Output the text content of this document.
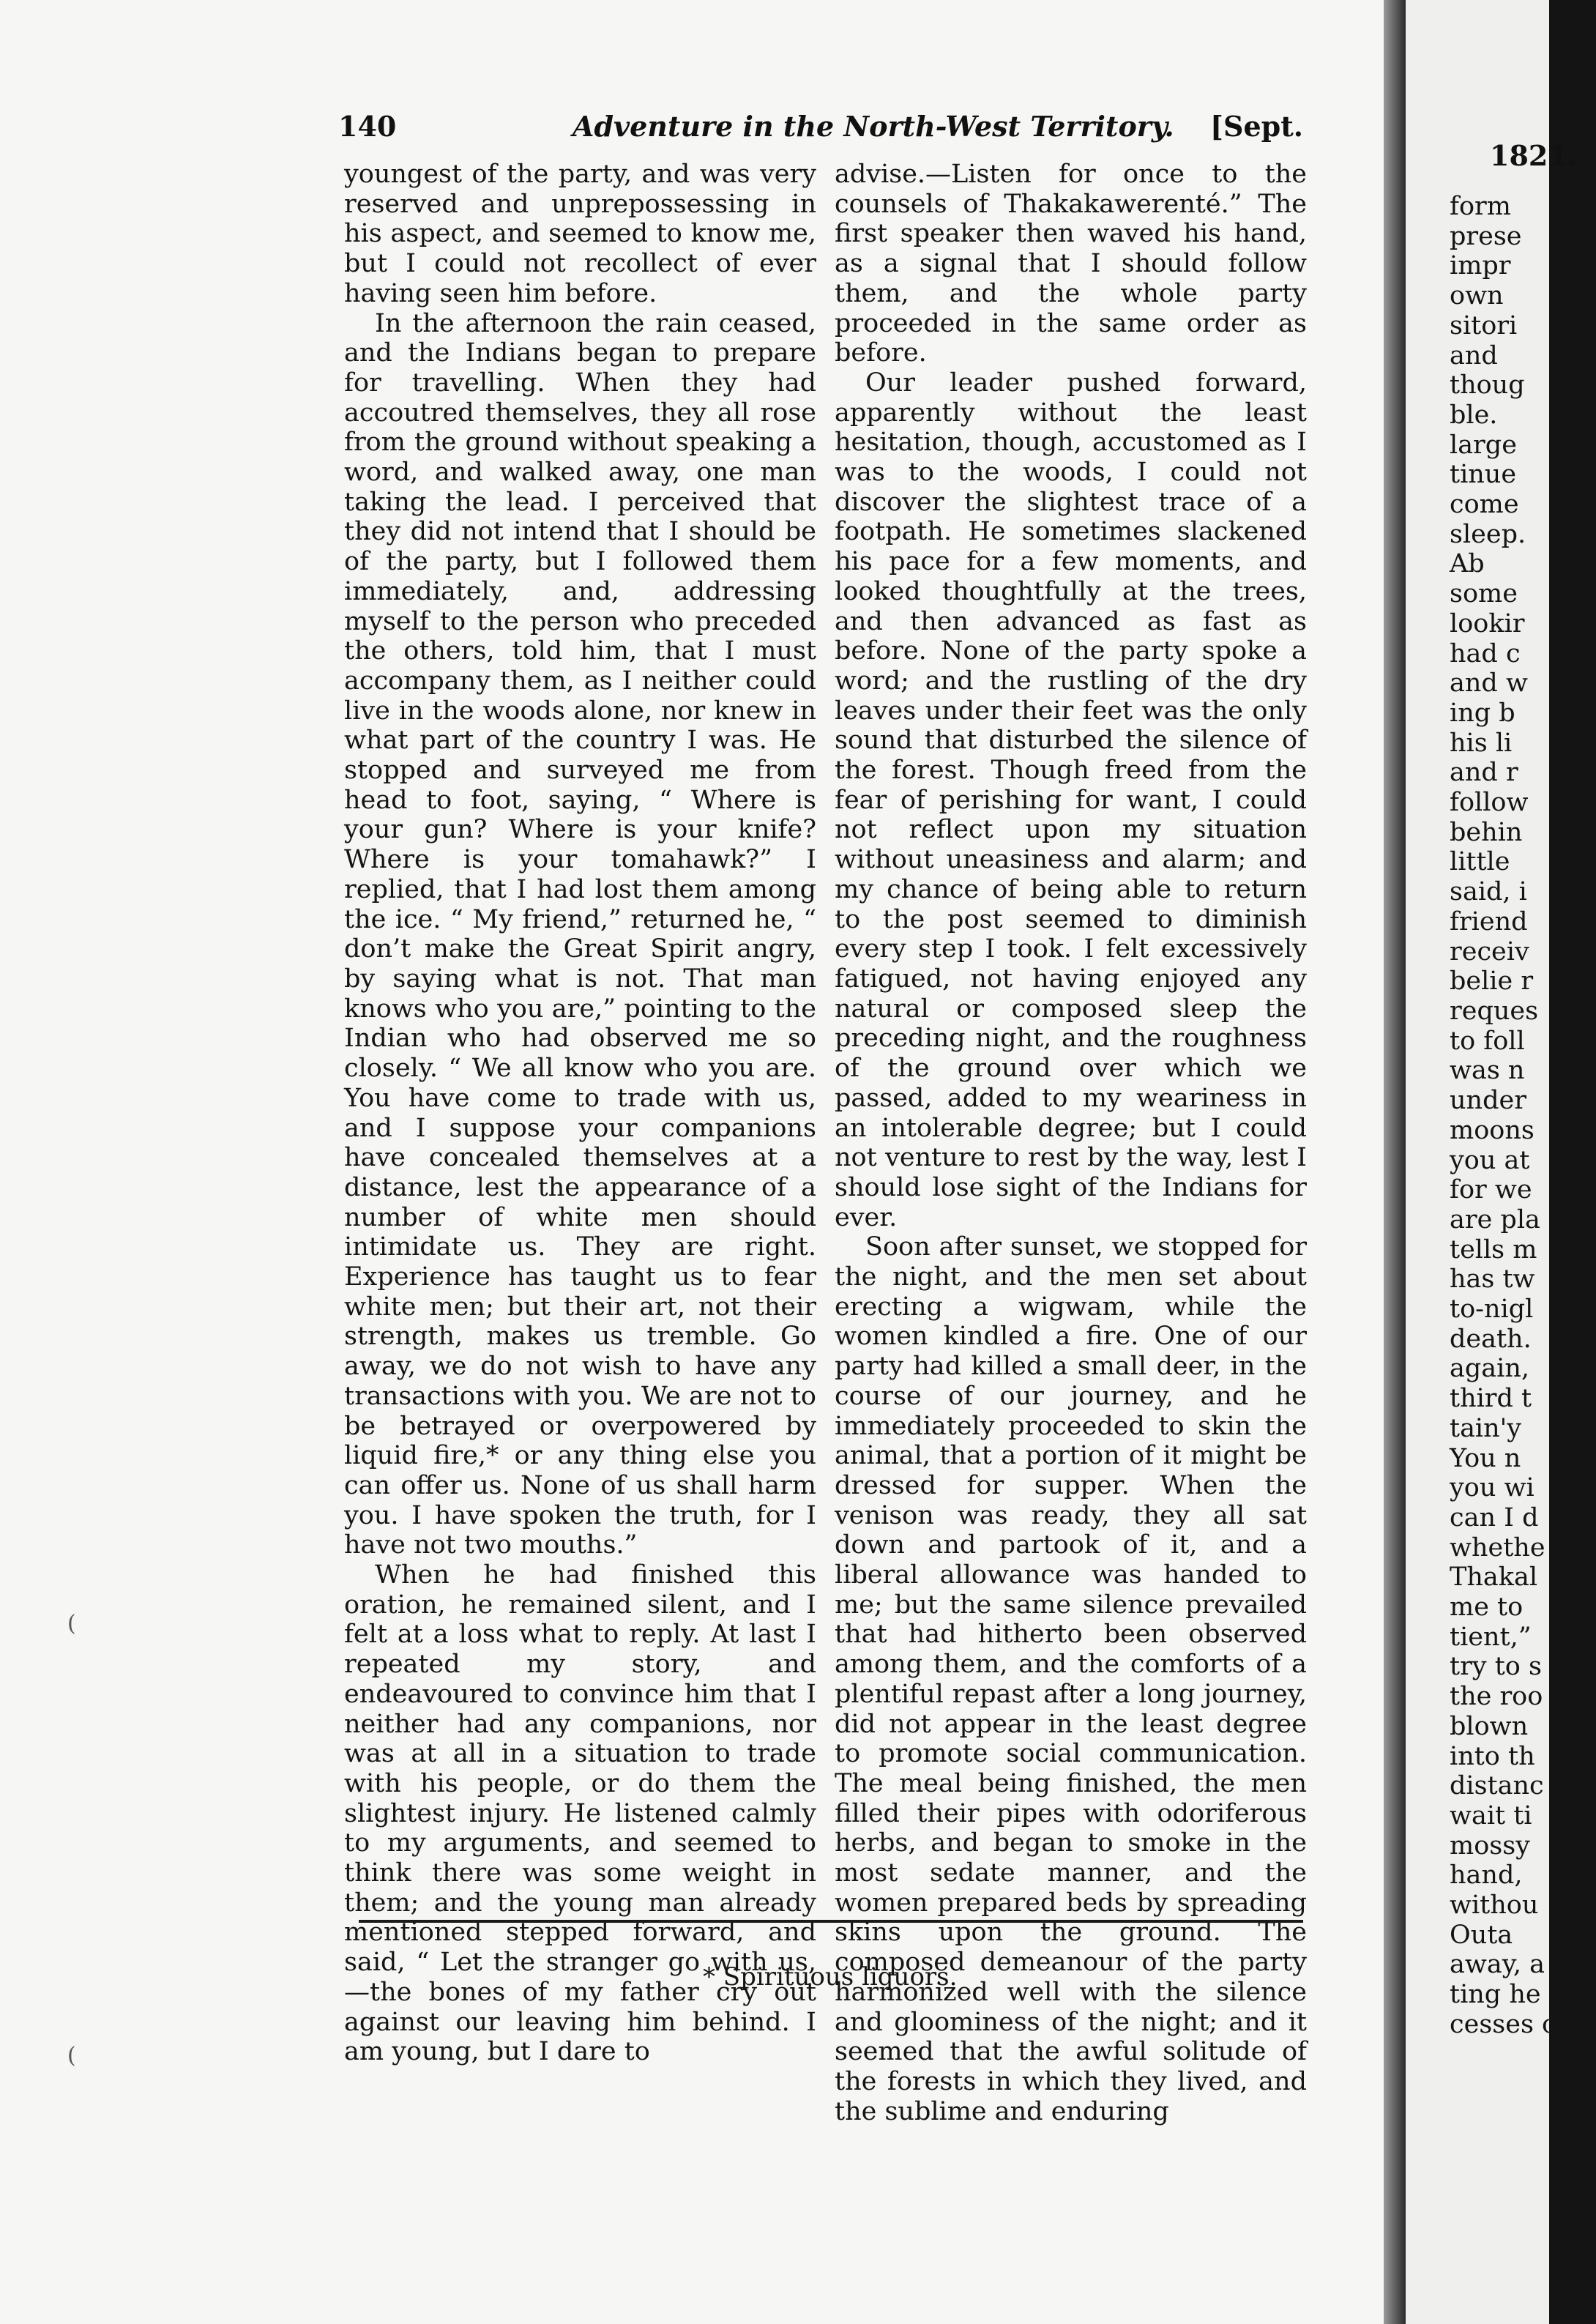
140	Adventure in the North-West Territory. [Sept.

youngest of the party, and was very reserved and unprepossessing in his aspect, and seemed to know me, but I could not recollect of ever having seen him before.

In the afternoon the rain ceased, and the Indians began to prepare for travelling. When they had accoutred themselves, they all rose from the ground without speaking a word, and walked away, one man taking the lead. I perceived that they did not intend that I should be of the party, but I followed them immediately, and, addressing myself to the person who preceded the others, told him, that I must accompany them, as I neither could live in the woods alone, nor knew in what part of the country I was. He stopped and surveyed me from head to foot, saying, “ Where is your gun? Where is your knife? Where is your tomahawk?” I replied, that I had lost them among the ice. “ My friend,” returned he, “ don’t make the Great Spirit angry, by saying what is not. That man knows who you are,” pointing to the Indian who had observed me so closely. “ We all know who you are. You have come to trade with us, and I suppose your companions have concealed themselves at a distance, lest the appearance of a number of white men should intimidate us. They are right. Experience has taught us to fear white men; but their art, not their strength, makes us tremble. Go away, we do not wish to have any transactions with you. We are not to be betrayed or overpowered by liquid fire,* or any thing else you can offer us. None of us shall harm you. I have spoken the truth, for I have not two mouths.”

When he had finished this oration, he remained silent, and I felt at a loss what to reply. At last I repeated my story, and endeavoured to convince him that I neither had any companions, nor was at all in a situation to trade with his people, or do them the slightest injury. He listened calmly to my arguments, and seemed to think there was some weight in them; and the young man already mentioned stepped forward, and said, “ Let the stranger go with us,—the bones of my father cry out against our leaving him behind. I am young, but I dare to

advise.—Listen for once to the counsels of Thakakawerenté.” The first speaker then waved his hand, as a signal that I should follow them, and the whole party proceeded in the same order as before.

Our leader pushed forward, apparently without the least hesitation, though, accustomed as I was to the woods, I could not discover the slightest trace of a footpath. He sometimes slackened his pace for a few moments, and looked thoughtfully at the trees, and then advanced as fast as before. None of the party spoke a word; and the rustling of the dry leaves under their feet was the only sound that disturbed the silence of the forest. Though freed from the fear of perishing for want, I could not reflect upon my situation without uneasiness and alarm; and my chance of being able to return to the post seemed to diminish every step I took. I felt excessively fatigued, not having enjoyed any natural or composed sleep the preceding night, and the roughness of the ground over which we passed, added to my weariness in an intolerable degree; but I could not venture to rest by the way, lest I should lose sight of the Indians for ever.

Soon after sunset, we stopped for the night, and the men set about erecting a wigwam, while the women kindled a fire. One of our party had killed a small deer, in the course of our journey, and he immediately proceeded to skin the animal, that a portion of it might be dressed for supper. When the venison was ready, they all sat down and partook of it, and a liberal allowance was handed to me; but the same silence prevailed that had hitherto been observed among them, and the comforts of a plentiful repast after a long journey, did not appear in the least degree to promote social communication. The meal being finished, the men filled their pipes with odoriferous herbs, and began to smoke in the most sedate manner, and the women prepared beds by spreading skins upon the ground. The composed demeanour of the party harmonized well with the silence and gloominess of the night; and it seemed that the awful solitude of the forests in which they lived, and the sublime and enduring

* Spirituous liquors.
(
(
1821.
form
prese
impr
own
sitori
and
thoug
ble.
large
tinue
come
sleep.
Ab
some
lookir
had c
and w
ing b
his li
and r
follow
behin
little
said, i
friend
receiv
belie r
reques
to foll
was n
under
moons
you at
for we
are pla
tells m
has tw
to-nigl
death.
again,
third t
tain'y
You n
you wi
can I d
whethe
Thakal
me to
tient,”
try to s
the roo
blown
into th
distanc
wait ti
mossy
hand,
withou
Outa
away, a
ting he
cesses o
